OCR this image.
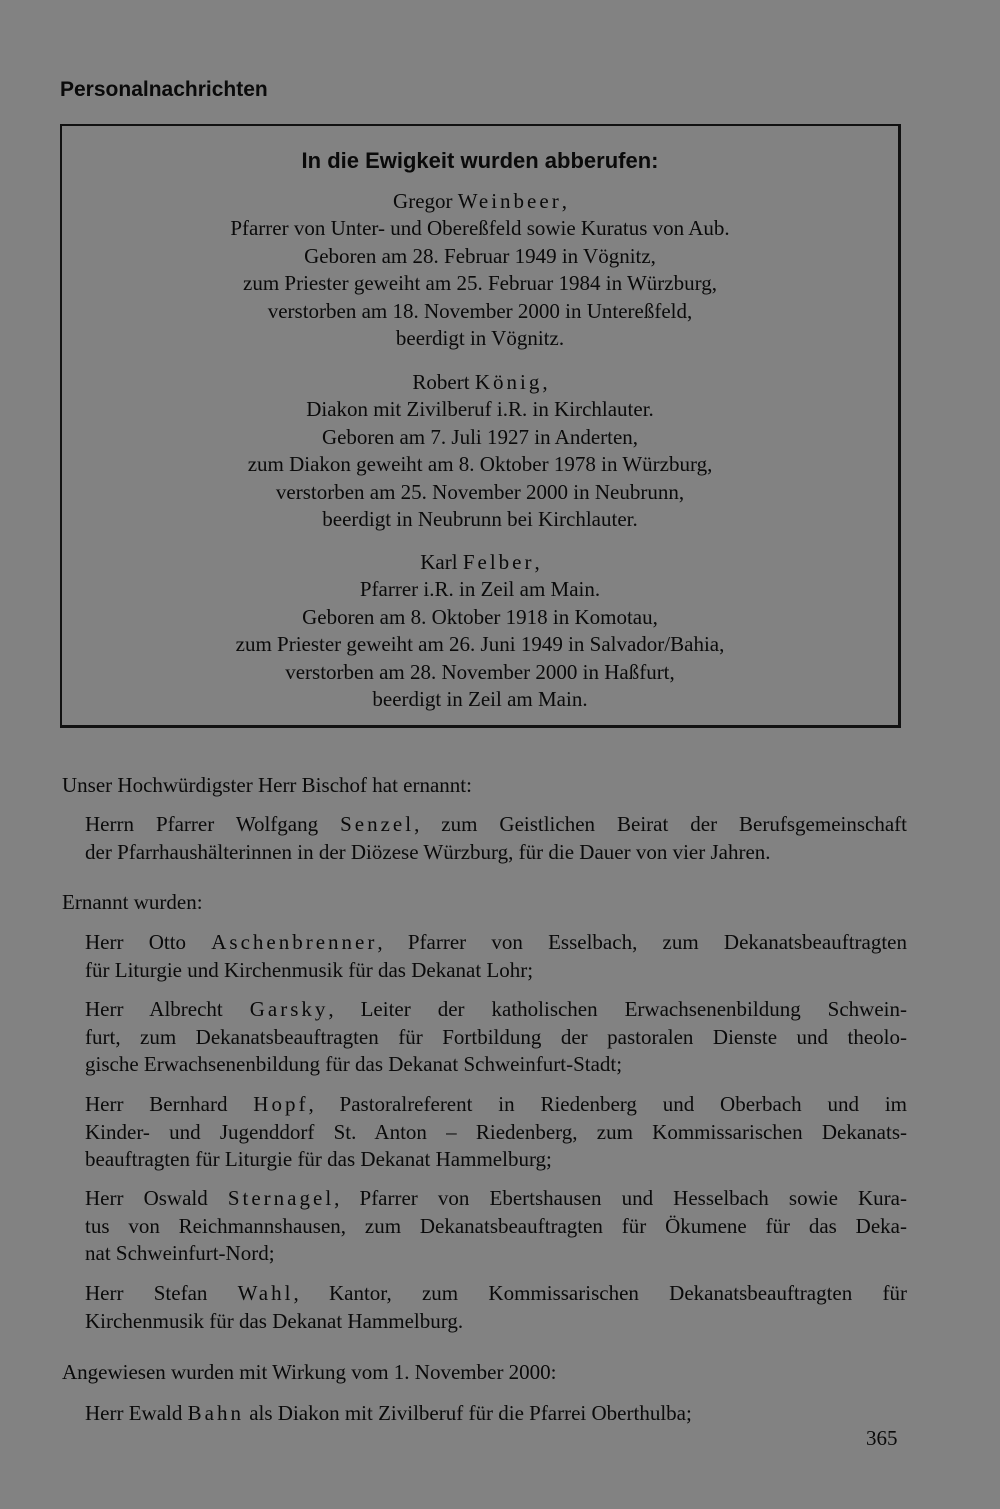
Personalnachrichten
In die Ewigkeit wurden abberufen:
Gregor Weinbeer,
Pfarrer von Unter- und Obereßfeld sowie Kuratus von Aub.
Geboren am 28. Februar 1949 in Vögnitz,
zum Priester geweiht am 25. Februar 1984 in Würzburg,
verstorben am 18. November 2000 in Untereßfeld,
beerdigt in Vögnitz.
Robert König,
Diakon mit Zivilberuf i.R. in Kirchlauter.
Geboren am 7. Juli 1927 in Anderten,
zum Diakon geweiht am 8. Oktober 1978 in Würzburg,
verstorben am 25. November 2000 in Neubrunn,
beerdigt in Neubrunn bei Kirchlauter.
Karl Felber,
Pfarrer i.R. in Zeil am Main.
Geboren am 8. Oktober 1918 in Komotau,
zum Priester geweiht am 26. Juni 1949 in Salvador/Bahia,
verstorben am 28. November 2000 in Haßfurt,
beerdigt in Zeil am Main.
Unser Hochwürdigster Herr Bischof hat ernannt:
Herrn Pfarrer Wolfgang Senzel, zum Geistlichen Beirat der Berufsgemeinschaft
der Pfarrhaushälterinnen in der Diözese Würzburg, für die Dauer von vier Jahren.
Ernannt wurden:
Herr Otto Aschenbrenner, Pfarrer von Esselbach, zum Dekanatsbeauftragten
für Liturgie und Kirchenmusik für das Dekanat Lohr;
Herr Albrecht Garsky, Leiter der katholischen Erwachsenenbildung Schwein-
furt, zum Dekanatsbeauftragten für Fortbildung der pastoralen Dienste und theolo-
gische Erwachsenenbildung für das Dekanat Schweinfurt-Stadt;
Herr Bernhard Hopf, Pastoralreferent in Riedenberg und Oberbach und im
Kinder- und Jugenddorf St. Anton – Riedenberg, zum Kommissarischen Dekanats-
beauftragten für Liturgie für das Dekanat Hammelburg;
Herr Oswald Sternagel, Pfarrer von Ebertshausen und Hesselbach sowie Kura-
tus von Reichmannshausen, zum Dekanatsbeauftragten für Ökumene für das Deka-
nat Schweinfurt-Nord;
Herr Stefan Wahl, Kantor, zum Kommissarischen Dekanatsbeauftragten für
Kirchenmusik für das Dekanat Hammelburg.
Angewiesen wurden mit Wirkung vom 1. November 2000:
Herr Ewald Bahn als Diakon mit Zivilberuf für die Pfarrei Oberthulba;
365
